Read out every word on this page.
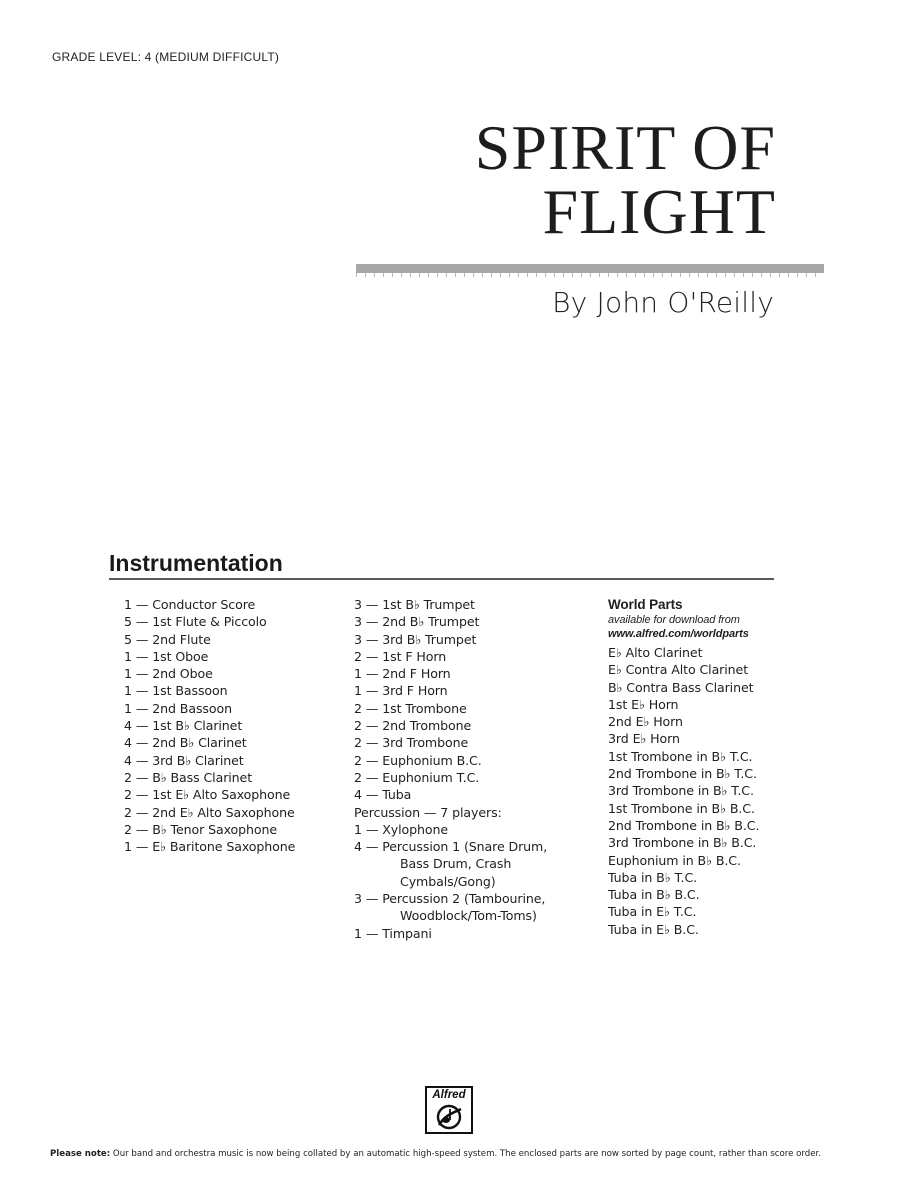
GRADE LEVEL: 4 (MEDIUM DIFFICULT)
SPIRIT OF
FLIGHT
By John O'Reilly
Instrumentation
1 — Conductor Score
5 — 1st Flute & Piccolo
5 — 2nd Flute
1 — 1st Oboe
1 — 2nd Oboe
1 — 1st Bassoon
1 — 2nd Bassoon
4 — 1st B♭ Clarinet
4 — 2nd B♭ Clarinet
4 — 3rd B♭ Clarinet
2 — B♭ Bass Clarinet
2 — 1st E♭ Alto Saxophone
2 — 2nd E♭ Alto Saxophone
2 — B♭ Tenor Saxophone
1 — E♭ Baritone Saxophone
3 — 1st B♭ Trumpet
3 — 2nd B♭ Trumpet
3 — 3rd B♭ Trumpet
2 — 1st F Horn
1 — 2nd F Horn
1 — 3rd F Horn
2 — 1st Trombone
2 — 2nd Trombone
2 — 3rd Trombone
2 — Euphonium B.C.
2 — Euphonium T.C.
4 — Tuba
Percussion — 7 players:
1 — Xylophone
4 — Percussion 1 (Snare Drum,
Bass Drum, Crash
Cymbals/Gong)
3 — Percussion 2 (Tambourine,
Woodblock/Tom-Toms)
1 — Timpani
World Parts
available for download from
www.alfred.com/worldparts
E♭ Alto Clarinet
E♭ Contra Alto Clarinet
B♭ Contra Bass Clarinet
1st E♭ Horn
2nd E♭ Horn
3rd E♭ Horn
1st Trombone in B♭ T.C.
2nd Trombone in B♭ T.C.
3rd Trombone in B♭ T.C.
1st Trombone in B♭ B.C.
2nd Trombone in B♭ B.C.
3rd Trombone in B♭ B.C.
Euphonium in B♭ B.C.
Tuba in B♭ T.C.
Tuba in B♭ B.C.
Tuba in E♭ T.C.
Tuba in E♭ B.C.
Alfred
Please note: Our band and orchestra music is now being collated by an automatic high-speed system. The enclosed parts are now sorted by page count, rather than score order.
